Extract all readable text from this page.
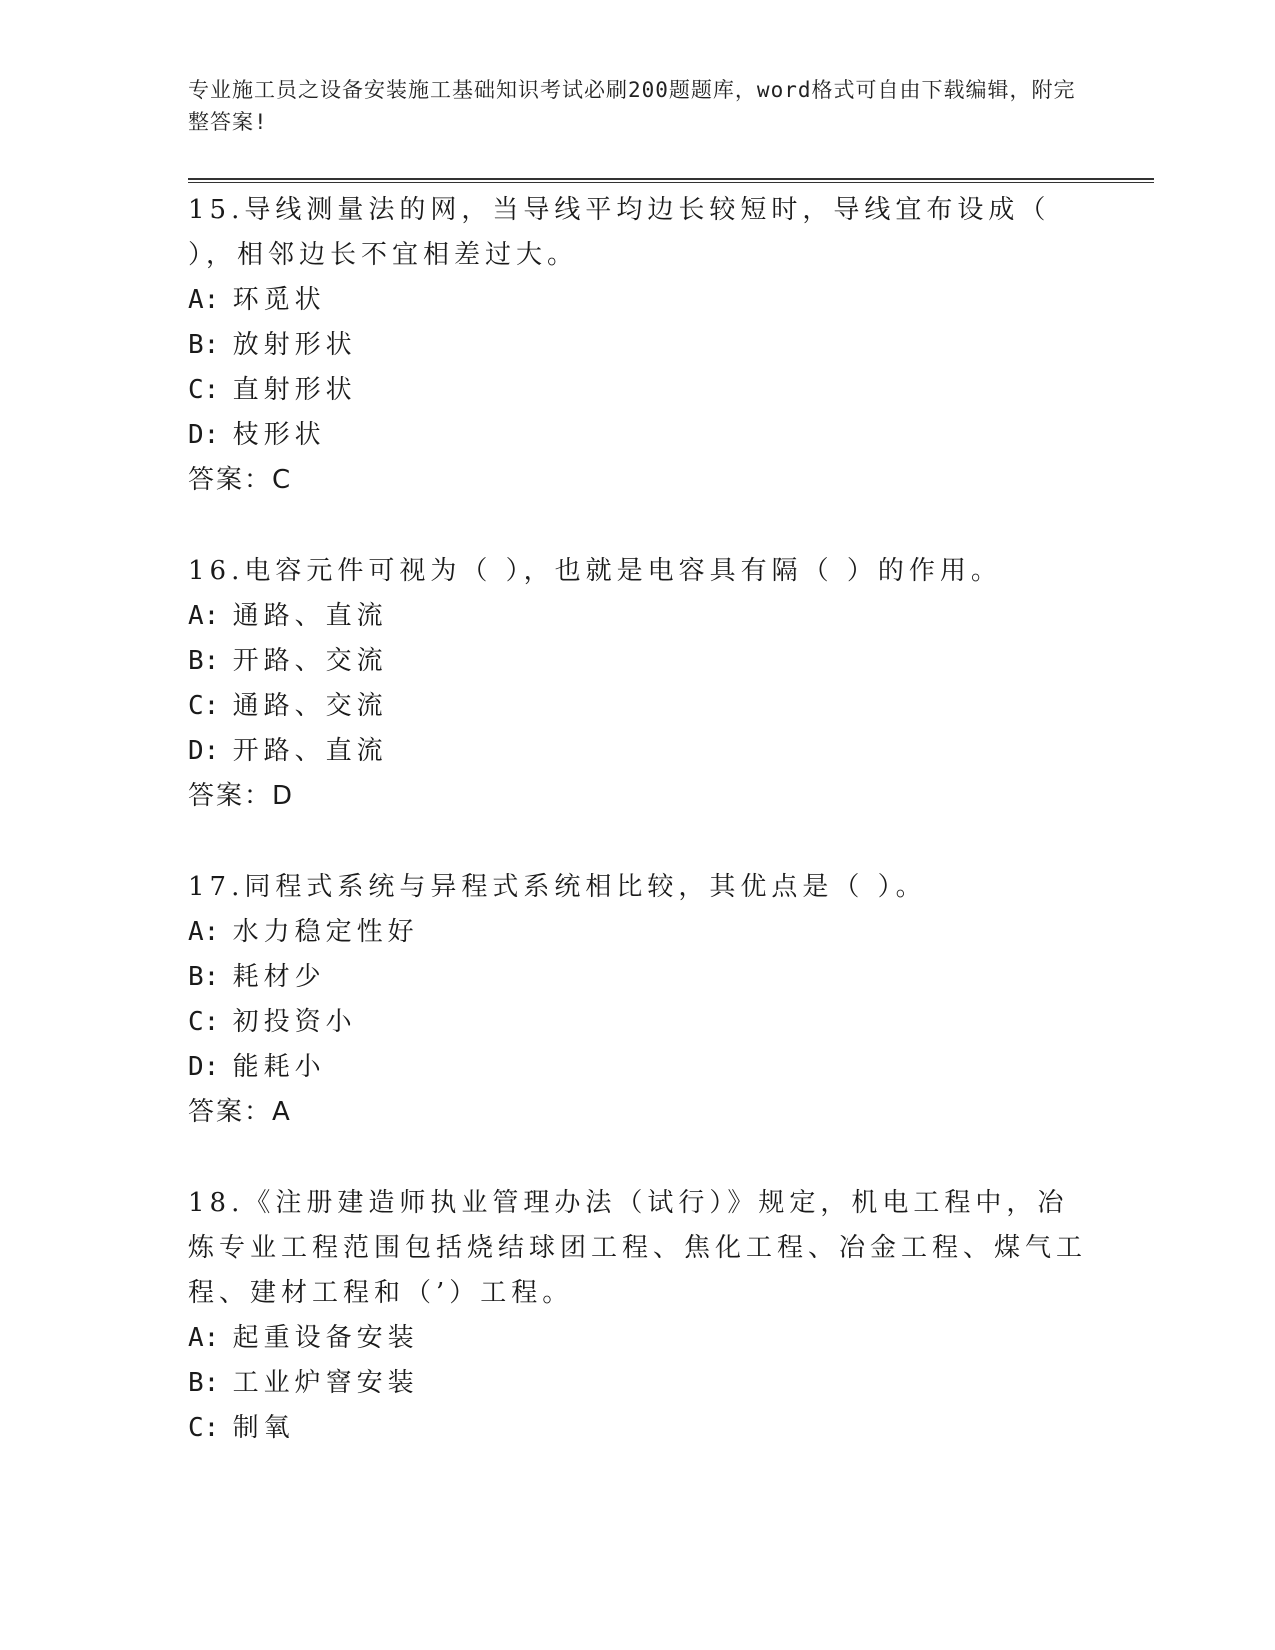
专业施工员之设备安装施工基础知识考试必刷200题题库，word格式可自由下载编辑，附完整答案!

15.导线测量法的网，当导线平均边长较短时，导线宜布设成（ ），相邻边长不宜相差过大。

A: 环觅状

B: 放射形状

C: 直射形状

D: 枝形状

答案：C

16.电容元件可视为（ ），也就是电容具有隔（ ）的作用。

A: 通路、直流

B: 开路、交流

C: 通路、交流

D: 开路、直流

答案：D

17.同程式系统与异程式系统相比较，其优点是（ ）。

A: 水力稳定性好

B: 耗材少

C: 初投资小

D: 能耗小

答案：A

18.《注册建造师执业管理办法（试行）》规定，机电工程中，冶炼专业工程范围包括烧结球团工程、焦化工程、冶金工程、煤气工程、建材工程和（’）工程。

A: 起重设备安装

B: 工业炉窨安装

C: 制氧
